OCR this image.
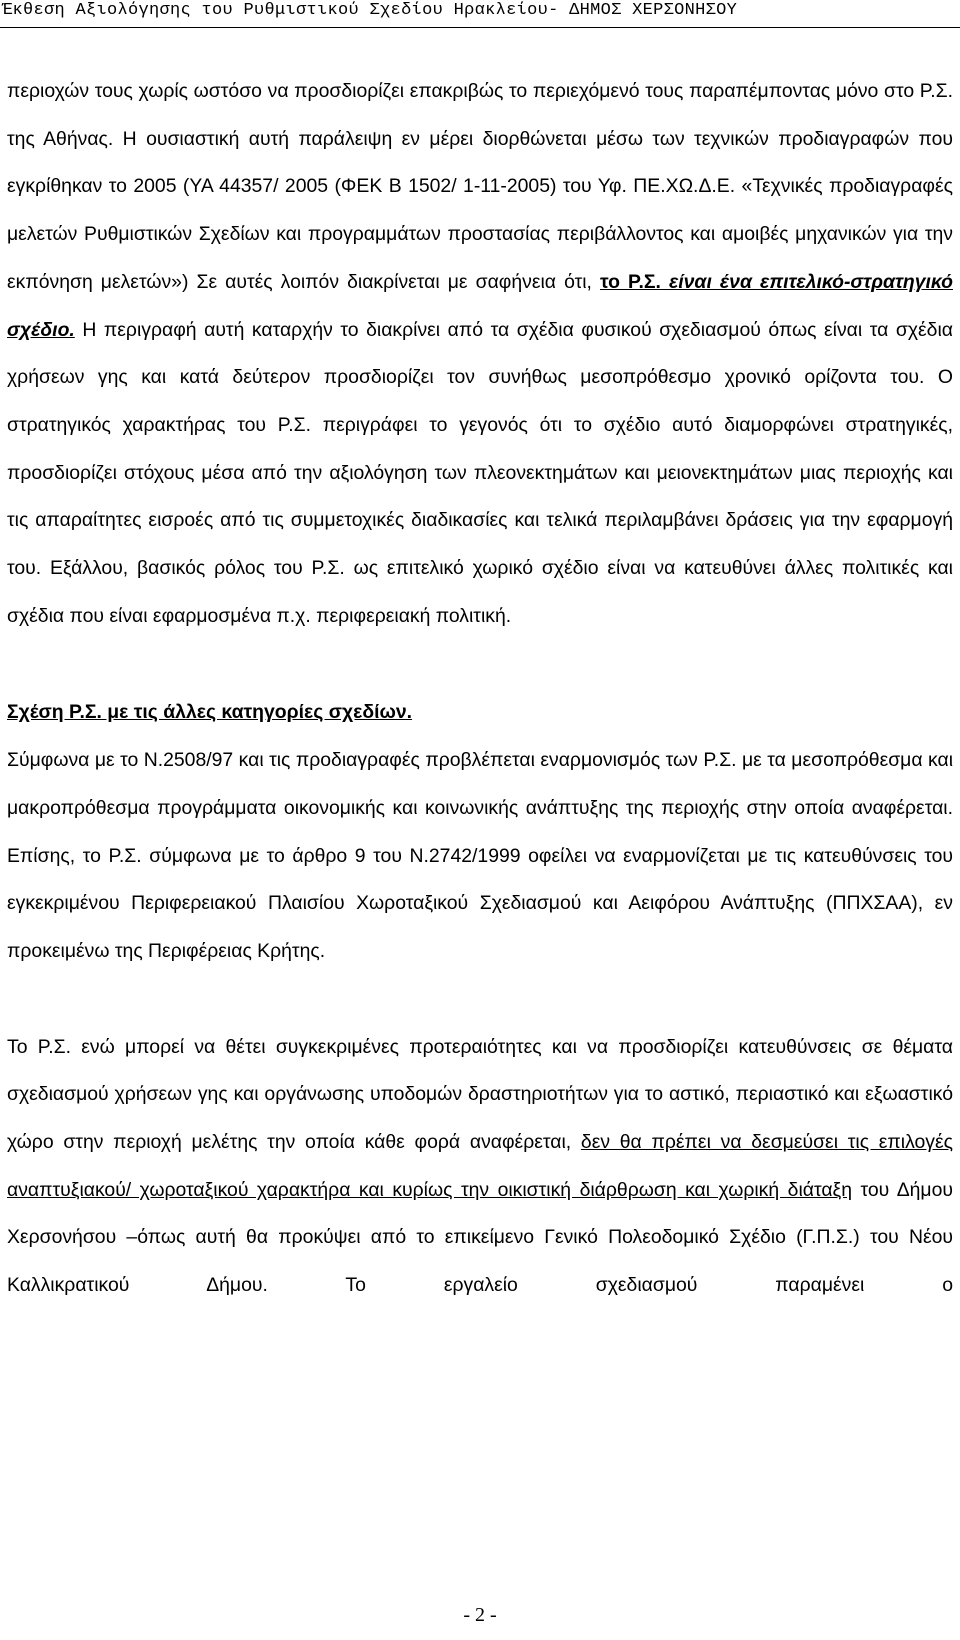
Έκθεση Αξιολόγησης του Ρυθμιστικού Σχεδίου Ηρακλείου- ΔΗΜΟΣ ΧΕΡΣΟΝΗΣΟΥ

περιοχών τους χωρίς ωστόσο να προσδιορίζει επακριβώς το περιεχόμενό τους παραπέμποντας μόνο στο Ρ.Σ. της Αθήνας. Η ουσιαστική αυτή παράλειψη εν μέρει διορθώνεται μέσω των τεχνικών προδιαγραφών που εγκρίθηκαν το 2005 (ΥΑ 44357/ 2005 (ΦΕΚ Β 1502/ 1-11-2005) του Υφ. ΠΕ.ΧΩ.Δ.Ε. «Τεχνικές προδιαγραφές μελετών Ρυθμιστικών Σχεδίων και προγραμμάτων προστασίας περιβάλλοντος και αμοιβές μηχανικών για την εκπόνηση μελετών») Σε αυτές λοιπόν διακρίνεται με σαφήνεια ότι, το Ρ.Σ. είναι ένα επιτελικό-στρατηγικό σχέδιο. Η περιγραφή αυτή καταρχήν το διακρίνει από τα σχέδια φυσικού σχεδιασμού όπως είναι τα σχέδια χρήσεων γης και κατά δεύτερον προσδιορίζει τον συνήθως μεσοπρόθεσμο χρονικό ορίζοντα του. Ο στρατηγικός χαρακτήρας του Ρ.Σ. περιγράφει το γεγονός ότι το σχέδιο αυτό διαμορφώνει στρατηγικές, προσδιορίζει στόχους μέσα από την αξιολόγηση των πλεονεκτημάτων και μειονεκτημάτων μιας περιοχής και τις απαραίτητες εισροές από τις συμμετοχικές διαδικασίες και τελικά περιλαμβάνει δράσεις για την εφαρμογή του. Εξάλλου, βασικός ρόλος του Ρ.Σ. ως επιτελικό χωρικό σχέδιο είναι να κατευθύνει άλλες πολιτικές και σχέδια που είναι εφαρμοσμένα π.χ. περιφερειακή πολιτική.

Σχέση Ρ.Σ. με τις άλλες κατηγορίες σχεδίων.

Σύμφωνα με το Ν.2508/97 και τις προδιαγραφές προβλέπεται εναρμονισμός των Ρ.Σ. με τα μεσοπρόθεσμα και μακροπρόθεσμα προγράμματα οικονομικής και κοινωνικής ανάπτυξης της περιοχής στην οποία αναφέρεται. Επίσης, το Ρ.Σ. σύμφωνα με το άρθρο 9 του Ν.2742/1999 οφείλει να εναρμονίζεται με τις κατευθύνσεις του εγκεκριμένου Περιφερειακού Πλαισίου Χωροταξικού Σχεδιασμού και Αειφόρου Ανάπτυξης (ΠΠΧΣΑΑ), εν προκειμένω της Περιφέρειας Κρήτης.

Το Ρ.Σ. ενώ μπορεί να θέτει συγκεκριμένες προτεραιότητες και να προσδιορίζει κατευθύνσεις σε θέματα σχεδιασμού χρήσεων γης και οργάνωσης υποδομών δραστηριοτήτων για το αστικό, περιαστικό και εξωαστικό χώρο στην περιοχή μελέτης την οποία κάθε φορά αναφέρεται, δεν θα πρέπει να δεσμεύσει τις επιλογές αναπτυξιακού/ χωροταξικού χαρακτήρα και κυρίως την οικιστική διάρθρωση και χωρική διάταξη του Δήμου Χερσονήσου –όπως αυτή θα προκύψει από το επικείμενο Γενικό Πολεοδομικό Σχέδιο (Γ.Π.Σ.) του Νέου Καλλικρατικού Δήμου. Το εργαλείο σχεδιασμού παραμένει ο

- 2 -
